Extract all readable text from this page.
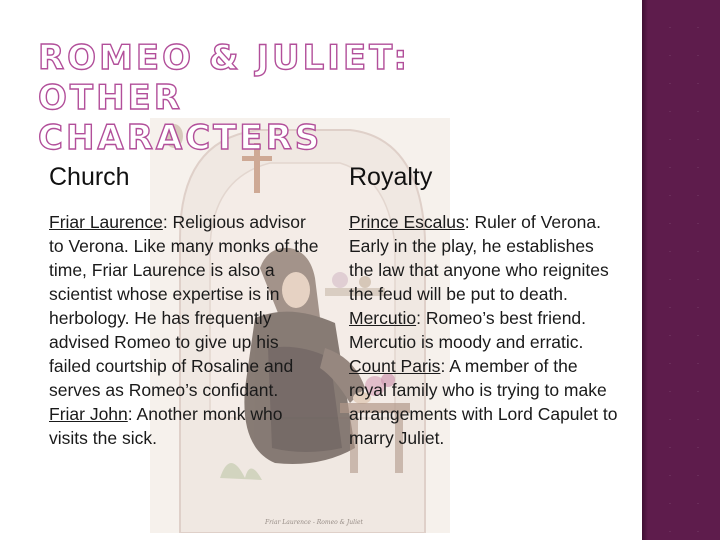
Friar Laurence - Romeo & Juliet
ROMEO & JULIET:
OTHER CHARACTERS
Church
Friar Laurence: Religious advisor to Verona. Like many monks of the time, Friar Laurence is also a scientist whose expertise is in herbology. He has frequently advised Romeo to give up his failed courtship of Rosaline and serves as Romeo’s confidant.
Friar John: Another monk who visits the sick.
Royalty
Prince Escalus: Ruler of Verona. Early in the play, he establishes the law that anyone who reignites the feud will be put to death.
Mercutio: Romeo’s best friend. Mercutio is moody and erratic.
Count Paris: A member of the royal family who is trying to make arrangements with Lord Capulet to marry Juliet.
